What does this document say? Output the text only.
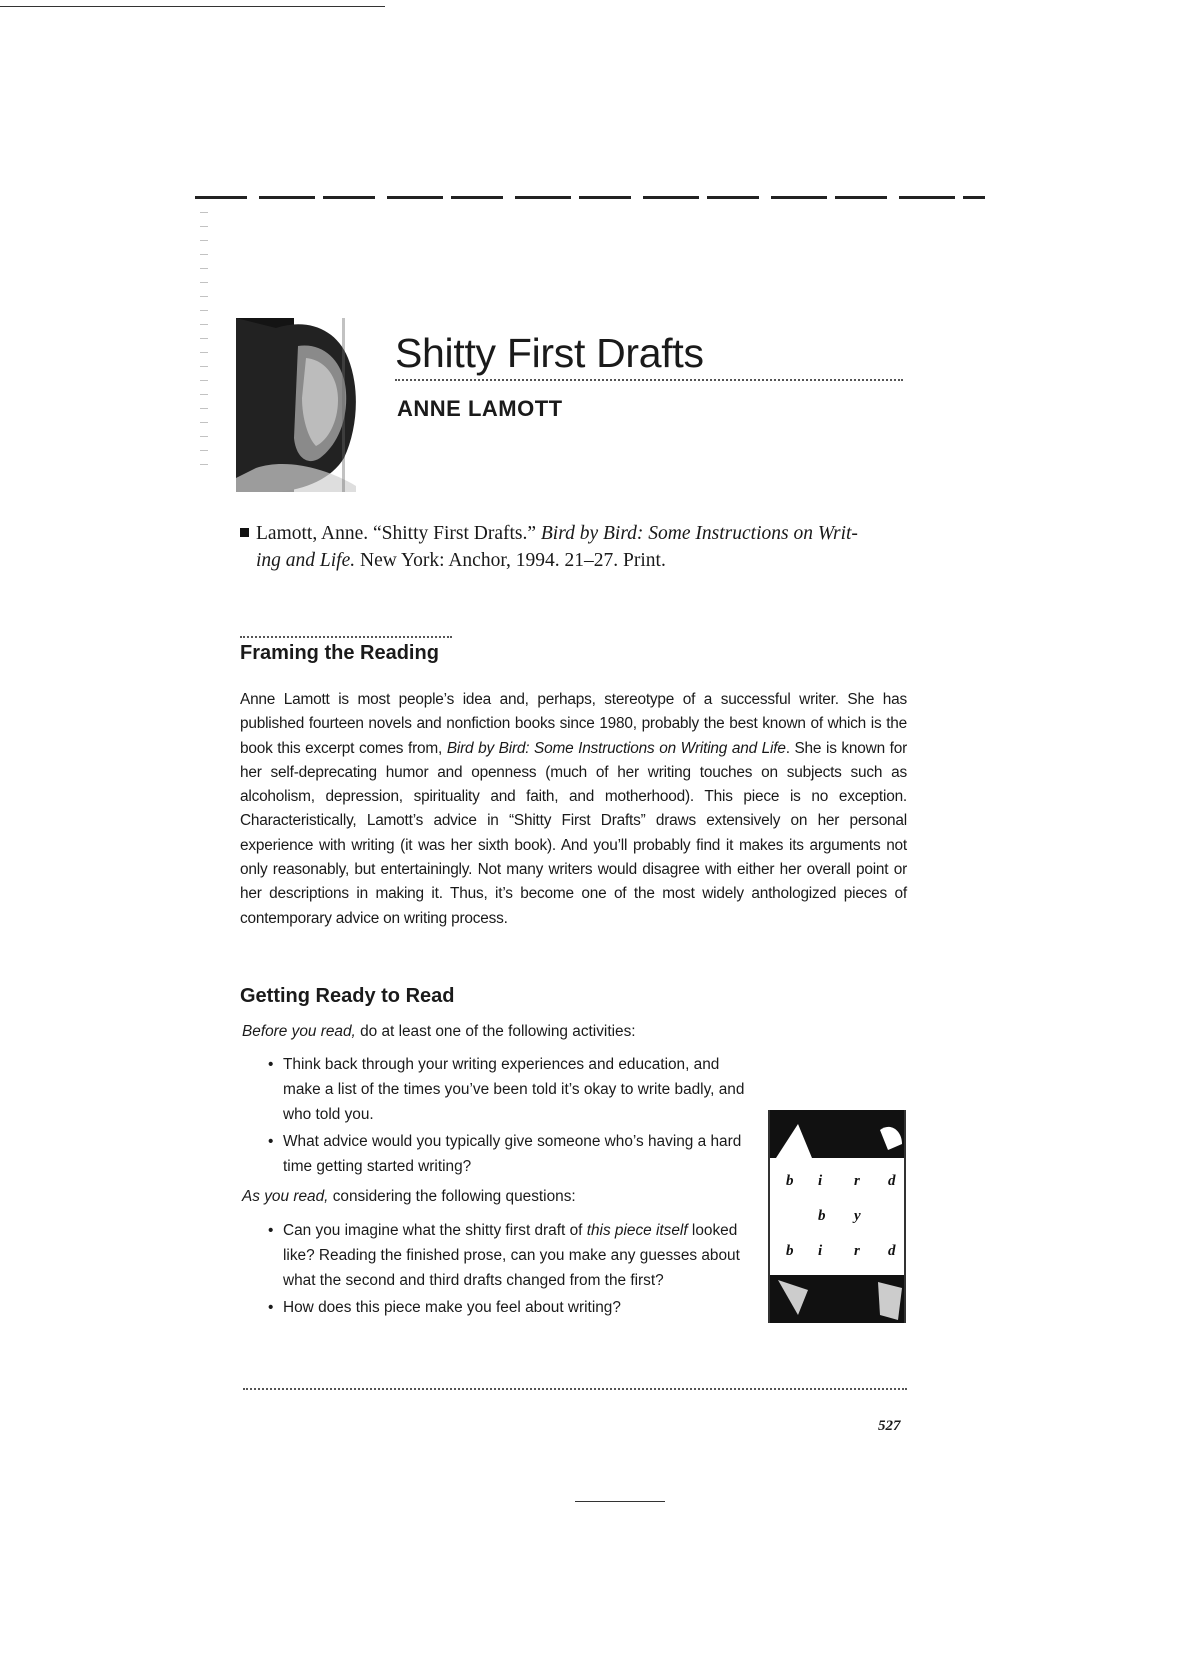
Shitty First Drafts
ANNE LAMOTT
Lamott, Anne. “Shitty First Drafts.” Bird by Bird: Some Instructions on Writ-
ing and Life. New York: Anchor, 1994. 21–27. Print.
Framing the Reading
Anne Lamott is most people’s idea and, perhaps, stereotype of a successful writer. She has published fourteen novels and nonfiction books since 1980, probably the best known of which is the book this excerpt comes from, Bird by Bird: Some Instructions on Writing and Life. She is known for her self-deprecating humor and openness (much of her writing touches on subjects such as alcoholism, depression, spirituality and faith, and motherhood). This piece is no exception. Characteristically, Lamott’s advice in “Shitty First Drafts” draws extensively on her personal experience with writing (it was her sixth book). And you’ll probably find it makes its arguments not only reasonably, but entertainingly. Not many writers would disagree with either her overall point or her descriptions in making it. Thus, it’s become one of the most widely anthologized pieces of contemporary advice on writing process.
Getting Ready to Read
Before you read, do at least one of the following activities:
• Think back through your writing experiences and education, and make a list of the times you’ve been told it’s okay to write badly, and who told you.
• What advice would you typically give someone who’s having a hard time getting started writing?
As you read, considering the following questions:
• Can you imagine what the shitty first draft of this piece itself looked like? Reading the finished prose, can you make any guesses about what the second and third drafts changed from the first?
• How does this piece make you feel about writing?
b i r d
b y
b i r d
527
